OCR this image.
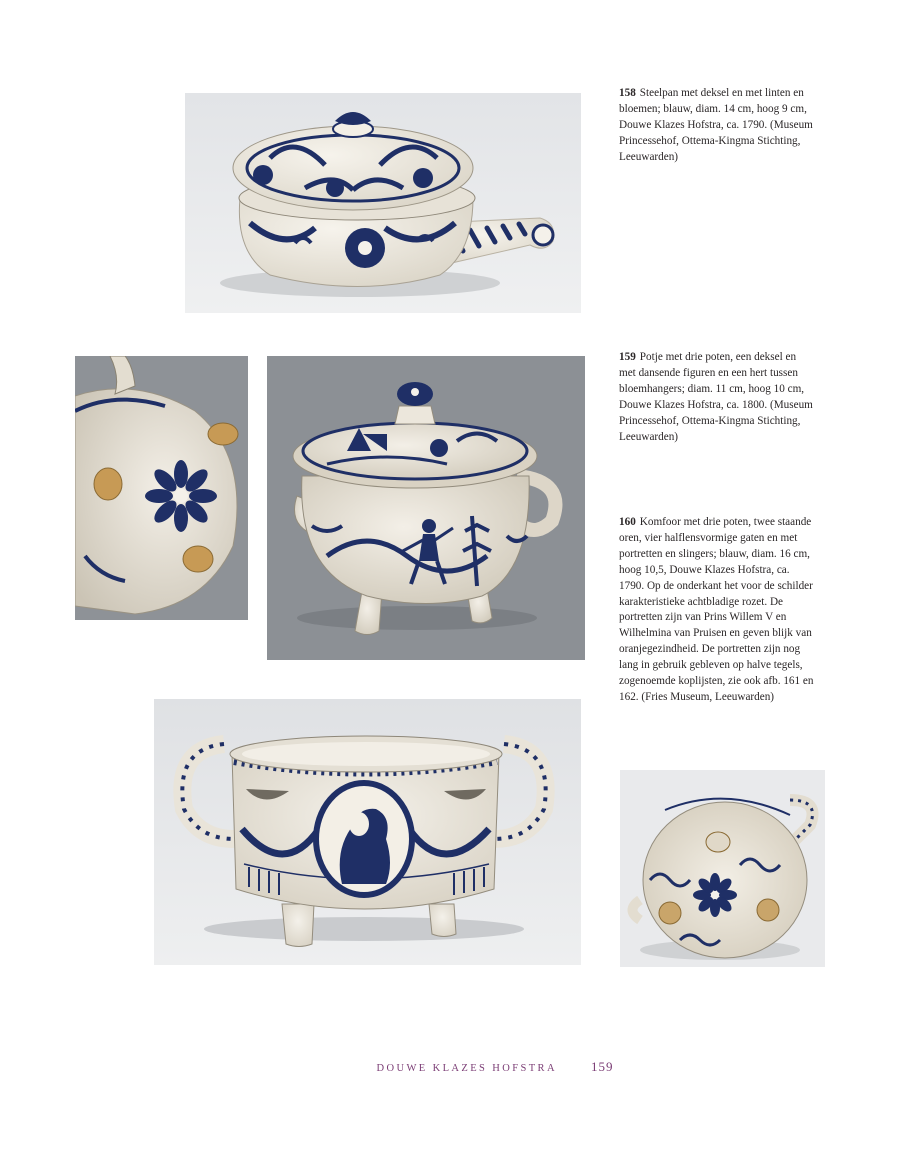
158 Steelpan met deksel en met linten en bloemen; blauw, diam. 14 cm, hoog 9 cm, Douwe Klazes Hofstra, ca. 1790. (Museum Princessehof, Ottema-Kingma Stichting, Leeuwarden)
159 Potje met drie poten, een deksel en met dansende figuren en een hert tussen bloemhangers; diam. 11 cm, hoog 10 cm, Douwe Klazes Hofstra, ca. 1800. (Museum Princessehof, Ottema-Kingma Stichting, Leeuwarden)
160 Komfoor met drie poten, twee staande oren, vier halflensvormige gaten en met portretten en slingers; blauw, diam. 16 cm, hoog 10,5, Douwe Klazes Hofstra, ca. 1790. Op de onderkant het voor de schilder karakteristieke achtbladige rozet. De portretten zijn van Prins Willem V en Wilhelmina van Pruisen en geven blijk van oranjegezindheid. De portretten zijn nog lang in gebruik gebleven op halve tegels, zogenoemde koplijsten, zie ook afb. 161 en 162. (Fries Museum, Leeuwarden)
DOUWE KLAZES HOFSTRA	159
